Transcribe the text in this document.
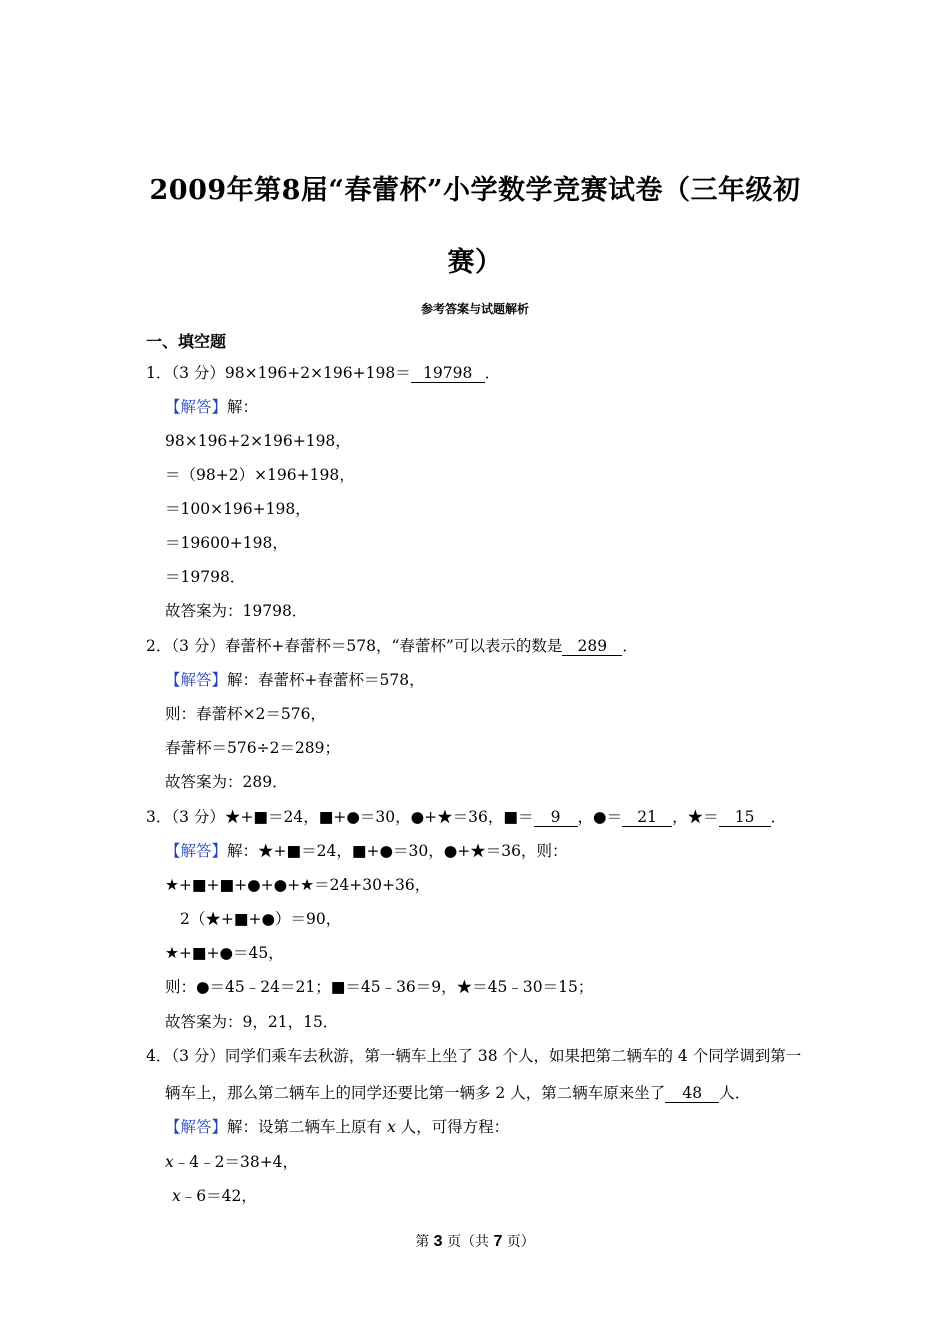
2009年第8届“春蕾杯”小学数学竞赛试卷（三年级初
赛）
参考答案与试题解析
一、填空题
1．（3 分）98×196+2×196+198＝ 19798 ．
【解答】解：
98×196+2×196+198，
＝（98+2）×196+198，
＝100×196+198，
＝19600+198，
＝19798．
故答案为：19798．
2．（3 分）春蕾杯+春蕾杯＝578，“春蕾杯”可以表示的数是 289 ．
【解答】解：春蕾杯+春蕾杯＝578，
则：春蕾杯×2＝576，
春蕾杯＝576÷2＝289；
故答案为：289．
3．（3 分）★+■＝24，■+●＝30，●+★＝36，■＝ 9 ，●＝ 21 ，★＝ 15 ．
【解答】解：★+■＝24，■+●＝30，●+★＝36，则：
★+■+■+●+●+★＝24+30+36，
2（★+■+●）＝90，
★+■+●＝45，
则：●＝45﹣24＝21；■＝45﹣36＝9，★＝45﹣30＝15；
故答案为：9，21，15．
4．（3 分）同学们乘车去秋游，第一辆车上坐了 38 个人，如果把第二辆车的 4 个同学调到第一
辆车上，那么第二辆车上的同学还要比第一辆多 2 人，第二辆车原来坐了 48 人．
【解答】解：设第二辆车上原有 x 人，可得方程：
x﹣4﹣2＝38+4，
x﹣6＝42，
第 3 页（共 7 页）
